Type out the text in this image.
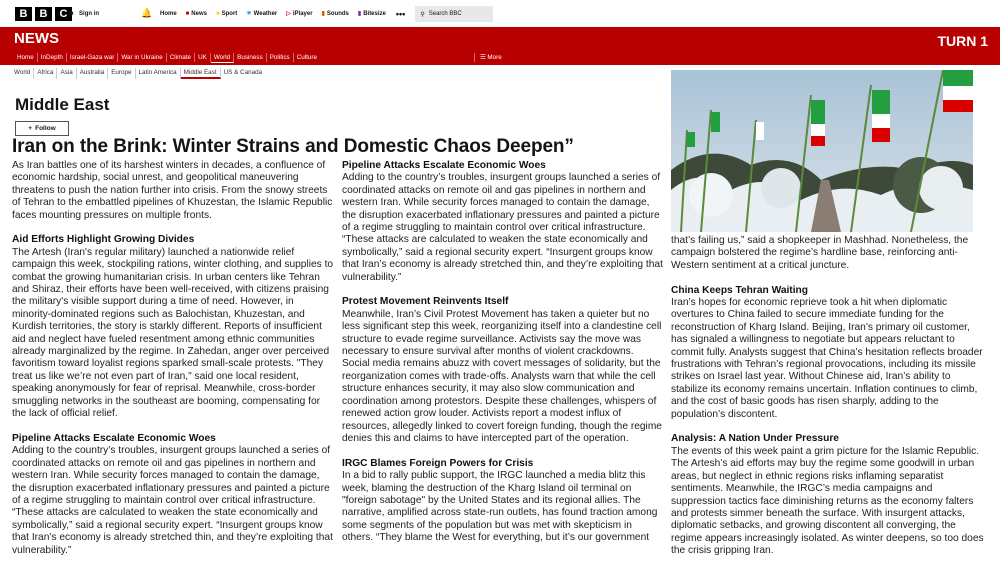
B	B	C ● Sign in	🔔 Home ■ News ■ Sport ☀ Weather ▷ iPlayer ▮ Sounds ▮ Bitesize •••	⚲ Search BBC
NEWS	TURN 1
Home	InDepth	Israel-Gaza war	War in Ukraine	Climate	UK	World	Business	Politics	Culture	☰ More
World	Africa	Asia	Australia	Europe	Latin America	Middle East	US & Canada
Middle East
+ Follow
Iran on the Brink: Winter Strains and Domestic Chaos Deepen”

As Iran battles one of its harshest winters in decades, a confluence of economic hardship, social unrest, and geopolitical maneuvering threatens to push the nation further into crisis. From the snowy streets of Tehran to the embattled pipelines of Khuzestan, the Islamic Republic faces mounting pressures on multiple fronts.

Aid Efforts Highlight Growing Divides

The Artesh (Iran's regular military) launched a nationwide relief campaign this week, stockpiling rations, winter clothing, and supplies to combat the growing humanitarian crisis. In urban centers like Tehran and Shiraz, their efforts have been well-received, with citizens praising the military's visible support during a time of need. However, in minority-dominated regions such as Balochistan, Khuzestan, and Kurdish territories, the story is starkly different. Reports of insufficient aid and neglect have fueled resentment among ethnic communities already marginalized by the regime. In Zahedan, anger over perceived favoritism toward loyalist regions sparked small-scale protests. "They treat us like we’re not even part of Iran," said one local resident, speaking anonymously for fear of reprisal. Meanwhile, cross-border smuggling networks in the southeast are booming, compensating for the lack of official relief.

Pipeline Attacks Escalate Economic Woes

Adding to the country’s troubles, insurgent groups launched a series of coordinated attacks on remote oil and gas pipelines in northern and western Iran. While security forces managed to contain the damage, the disruption exacerbated inflationary pressures and painted a picture of a regime struggling to maintain control over critical infrastructure. “These attacks are calculated to weaken the state economically and symbolically,” said a regional security expert. “Insurgent groups know that Iran’s economy is already stretched thin, and they’re exploiting that vulnerability.”

Pipeline Attacks Escalate Economic Woes

Adding to the country’s troubles, insurgent groups launched a series of coordinated attacks on remote oil and gas pipelines in northern and western Iran. While security forces managed to contain the damage, the disruption exacerbated inflationary pressures and painted a picture of a regime struggling to maintain control over critical infrastructure. “These attacks are calculated to weaken the state economically and symbolically,” said a regional security expert. “Insurgent groups know that Iran’s economy is already stretched thin, and they’re exploiting that vulnerability.”

Protest Movement Reinvents Itself

Meanwhile, Iran’s Civil Protest Movement has taken a quieter but no less significant step this week, reorganizing itself into a clandestine cell structure to evade regime surveillance. Activists say the move was necessary to ensure survival after months of violent crackdowns. Social media remains abuzz with covert messages of solidarity, but the reorganization comes with trade-offs. Analysts warn that while the cell structure enhances security, it may also slow communication and coordination among protestors. Despite these challenges, whispers of renewed action grow louder. Activists report a modest influx of resources, allegedly linked to covert foreign funding, though the regime denies this and claims to have intercepted part of the operation.

IRGC Blames Foreign Powers for Crisis

In a bid to rally public support, the IRGC launched a media blitz this week, blaming the destruction of the Kharg Island oil terminal on "foreign sabotage" by the United States and its regional allies. The narrative, amplified across state-run outlets, has found traction among some segments of the population but was met with skepticism in others. “They blame the West for everything, but it’s our government

that’s failing us,” said a shopkeeper in Mashhad. Nonetheless, the campaign bolstered the regime’s hardline base, reinforcing anti-Western sentiment at a critical juncture.

China Keeps Tehran Waiting

Iran’s hopes for economic reprieve took a hit when diplomatic overtures to China failed to secure immediate funding for the reconstruction of Kharg Island. Beijing, Iran’s primary oil customer, has signaled a willingness to negotiate but appears reluctant to commit fully. Analysts suggest that China’s hesitation reflects broader frustrations with Tehran’s regional provocations, including its missile strikes on Israel last year. Without Chinese aid, Iran’s ability to stabilize its economy remains uncertain. Inflation continues to climb, and the cost of basic goods has risen sharply, adding to the population’s discontent.

Analysis: A Nation Under Pressure

The events of this week paint a grim picture for the Islamic Republic. The Artesh’s aid efforts may buy the regime some goodwill in urban areas, but neglect in ethnic regions risks inflaming separatist sentiments. Meanwhile, the IRGC’s media campaigns and suppression tactics face diminishing returns as the economy falters and protests simmer beneath the surface. With insurgent attacks, diplomatic setbacks, and growing discontent all converging, the regime appears increasingly isolated. As winter deepens, so too does the crisis gripping Iran.
